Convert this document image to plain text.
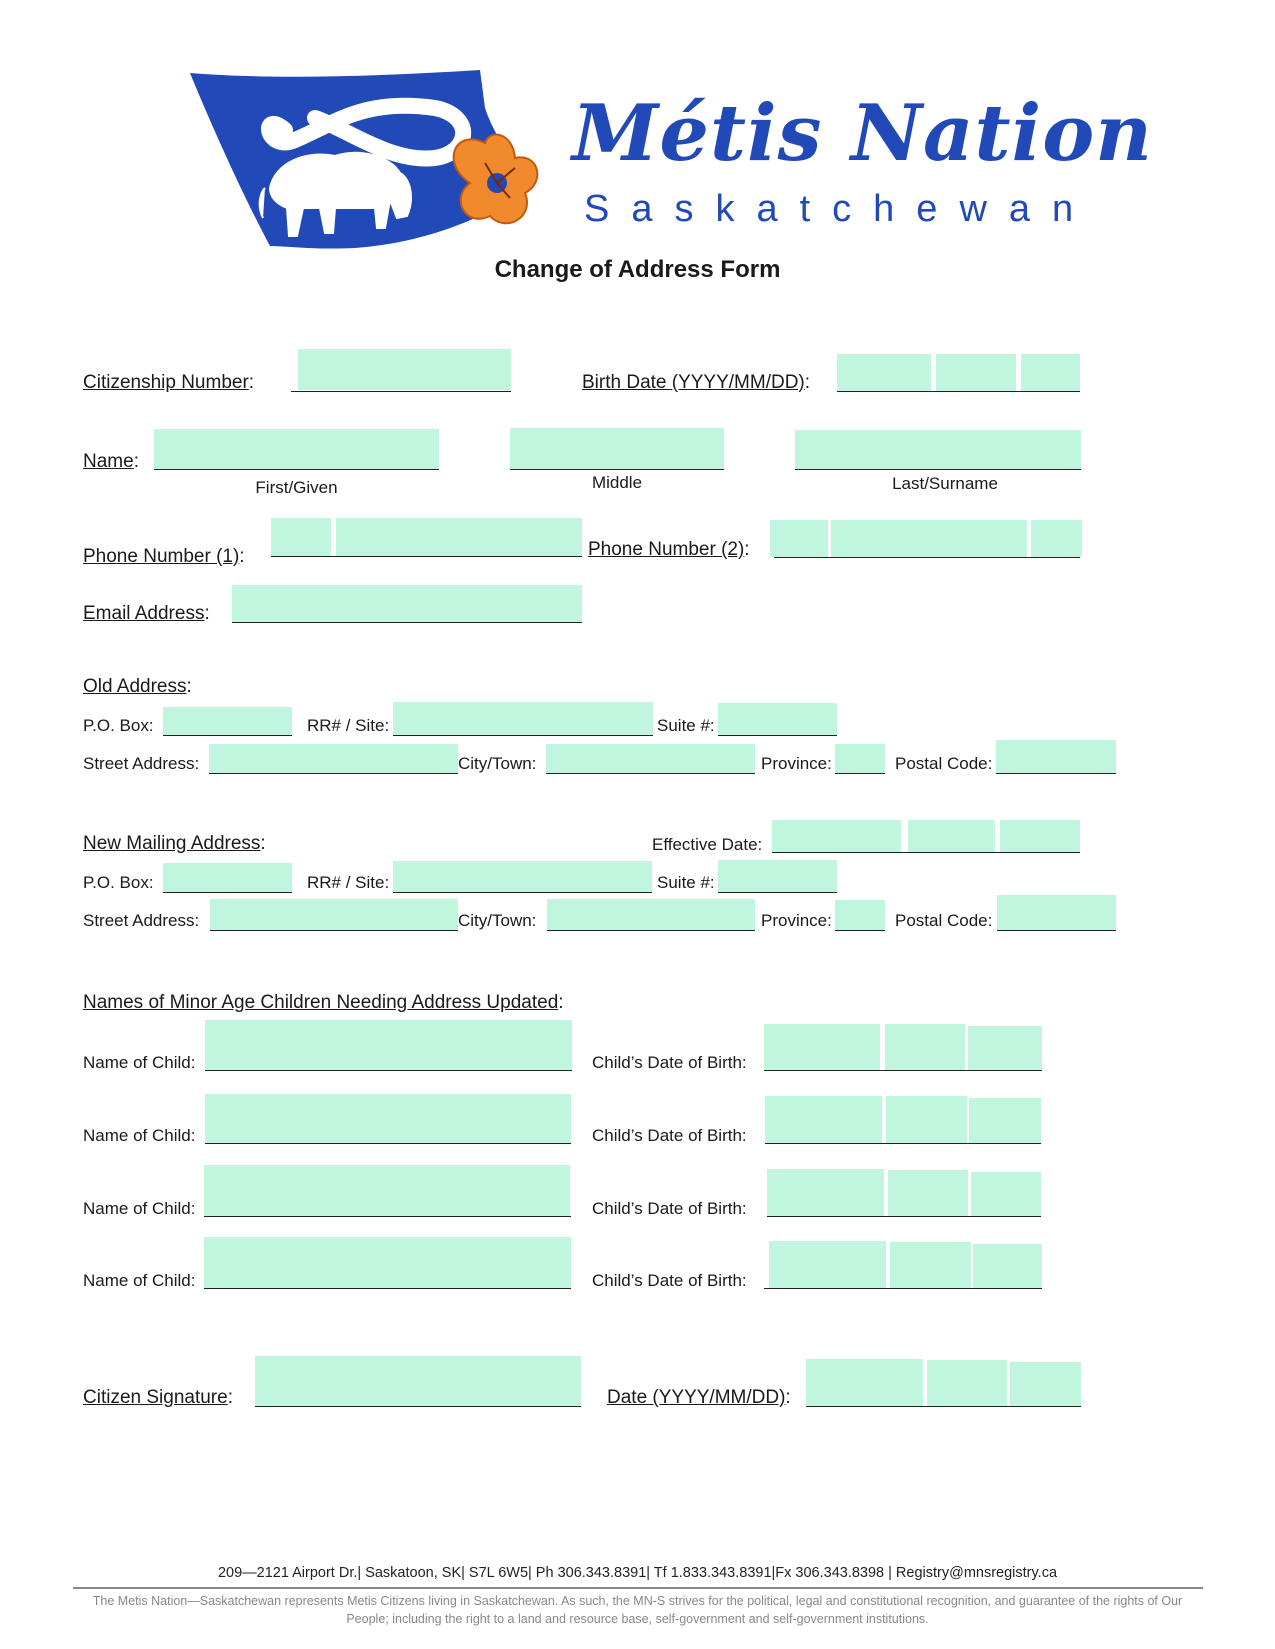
Métis Nation
Saskatchewan
Change of Address Form
Citizenship Number:	Birth Date (YYYY/MM/DD):
Name:
First/Given	Middle	Last/Surname
Phone Number (1):	Phone Number (2):
Email Address:
Old Address:
P.O. Box:	RR# / Site:	Suite #:
Street Address:	City/Town:	Province:	Postal Code:
New Mailing Address:	Effective Date:
P.O. Box:	RR# / Site:	Suite #:
Street Address:	City/Town:	Province:	Postal Code:
Names of Minor Age Children Needing Address Updated:
Name of Child:	Child’s Date of Birth:
Name of Child:	Child’s Date of Birth:
Name of Child:	Child’s Date of Birth:
Name of Child:	Child’s Date of Birth:
Citizen Signature:	Date (YYYY/MM/DD):
209—2121 Airport Dr.| Saskatoon, SK| S7L 6W5| Ph 306.343.8391| Tf 1.833.343.8391|Fx 306.343.8398 | Registry@mnsregistry.ca
The Metis Nation—Saskatchewan represents Metis Citizens living in Saskatchewan. As such, the MN-S strives for the political, legal and constitutional recognition, and guarantee of the rights of Our People; including the right to a land and resource base, self-government and self-government institutions.
